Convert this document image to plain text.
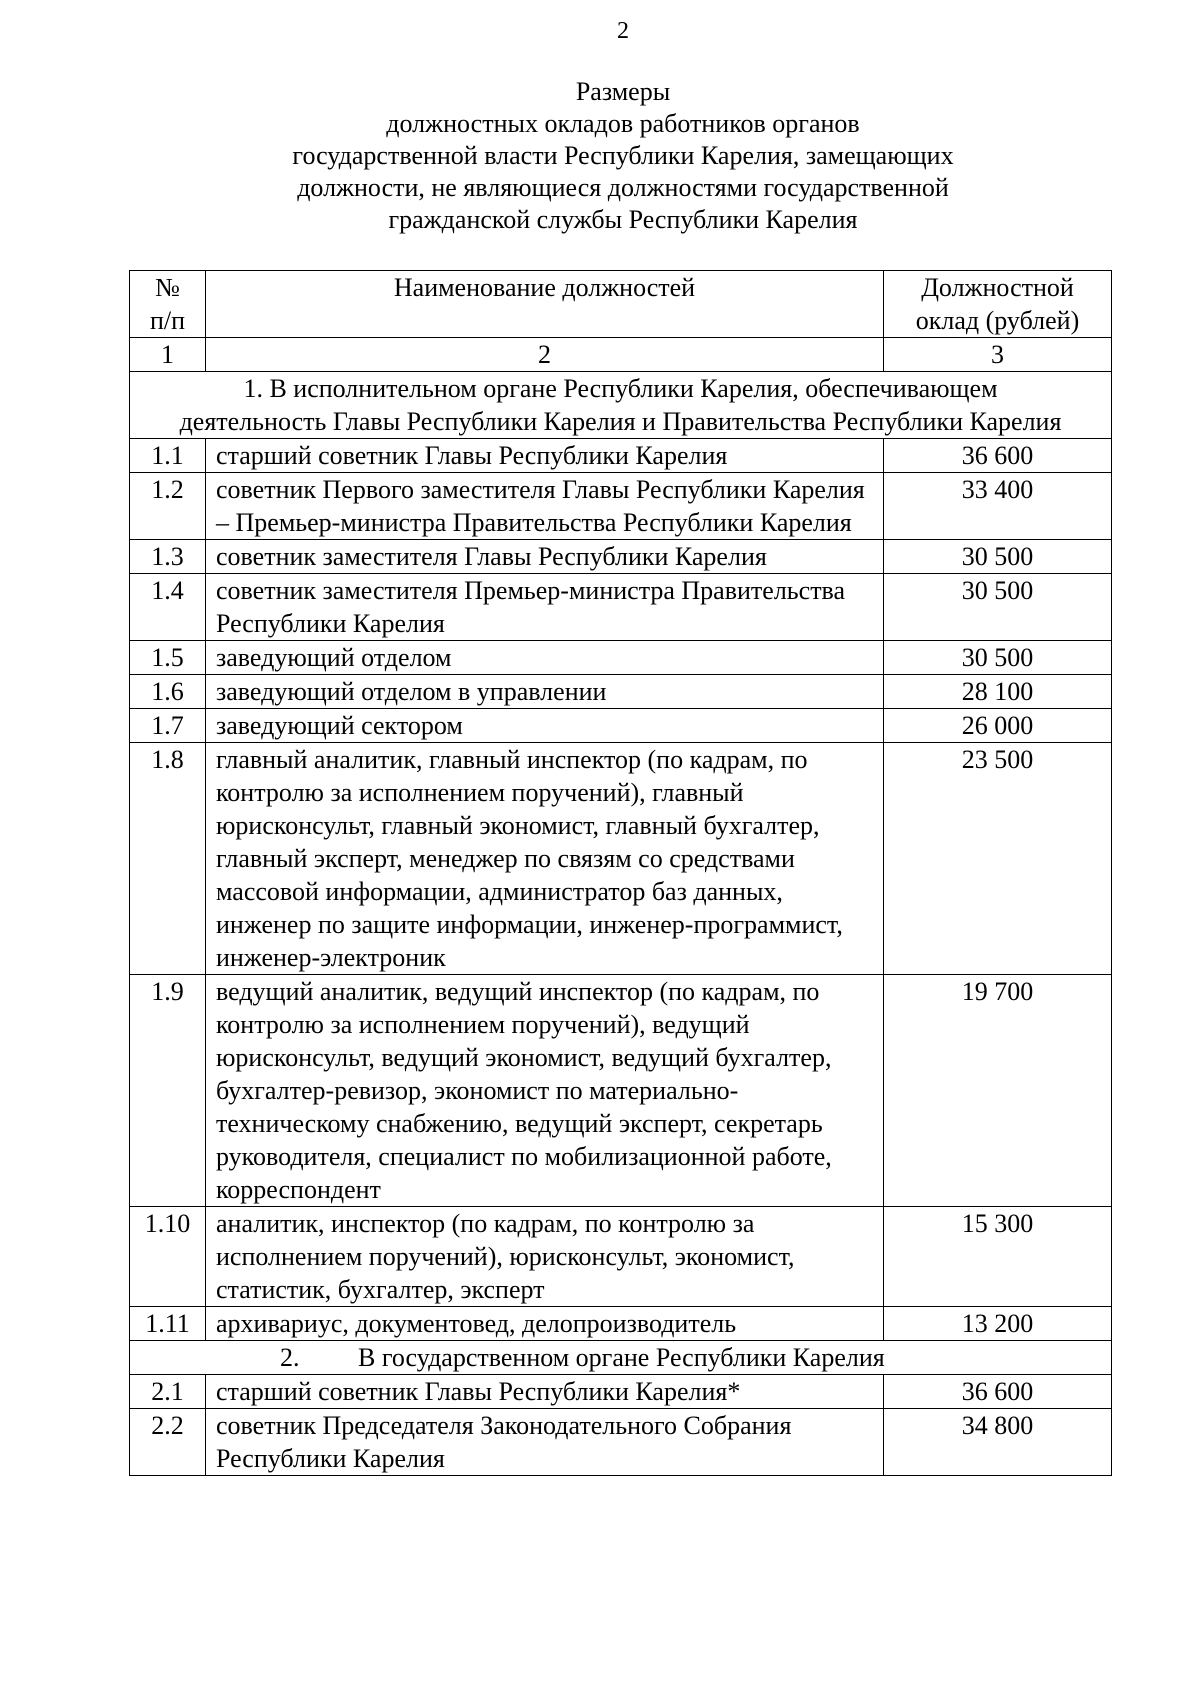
2
Размеры
должностных окладов работников органов
государственной власти Республики Карелия, замещающих
должности, не являющиеся должностями государственной
гражданской службы Республики Карелия
№ п/п	Наименование должностей	Должностной оклад (рублей)
1	2	3
1. В исполнительном органе Республики Карелия, обеспечивающем деятельность Главы Республики Карелия и Правительства Республики Карелия		
1.1	старший советник Главы Республики Карелия	36 600
1.2	советник Первого заместителя Главы Республики Карелия – Премьер-министра Правительства Республики Карелия	33 400
1.3	советник заместителя Главы Республики Карелия	30 500
1.4	советник заместителя Премьер-министра Правительства Республики Карелия	30 500
1.5	заведующий отделом	30 500
1.6	заведующий отделом в управлении	28 100
1.7	заведующий сектором	26 000
1.8	главный аналитик, главный инспектор (по кадрам, по контролю за исполнением поручений), главный юрисконсульт, главный экономист, главный бухгалтер, главный эксперт, менеджер по связям со средствами массовой информации, администратор баз данных, инженер по защите информации, инженер-программист, инженер-электроник	23 500
1.9	ведущий аналитик, ведущий инспектор (по кадрам, по контролю за исполнением поручений), ведущий юрисконсульт, ведущий экономист, ведущий бухгалтер, бухгалтер-ревизор, экономист по материально-техническому снабжению, ведущий эксперт, секретарь руководителя, специалист по мобилизационной работе, корреспондент	19 700
1.10	аналитик, инспектор (по кадрам, по контролю за исполнением поручений), юрисконсульт, экономист, статистик, бухгалтер, эксперт	15 300
1.11	архивариус, документовед, делопроизводитель	13 200
2.         В государственном органе Республики Карелия		
2.1	старший советник Главы Республики Карелия*	36 600
2.2	советник Председателя Законодательного Собрания Республики Карелия	34 800
